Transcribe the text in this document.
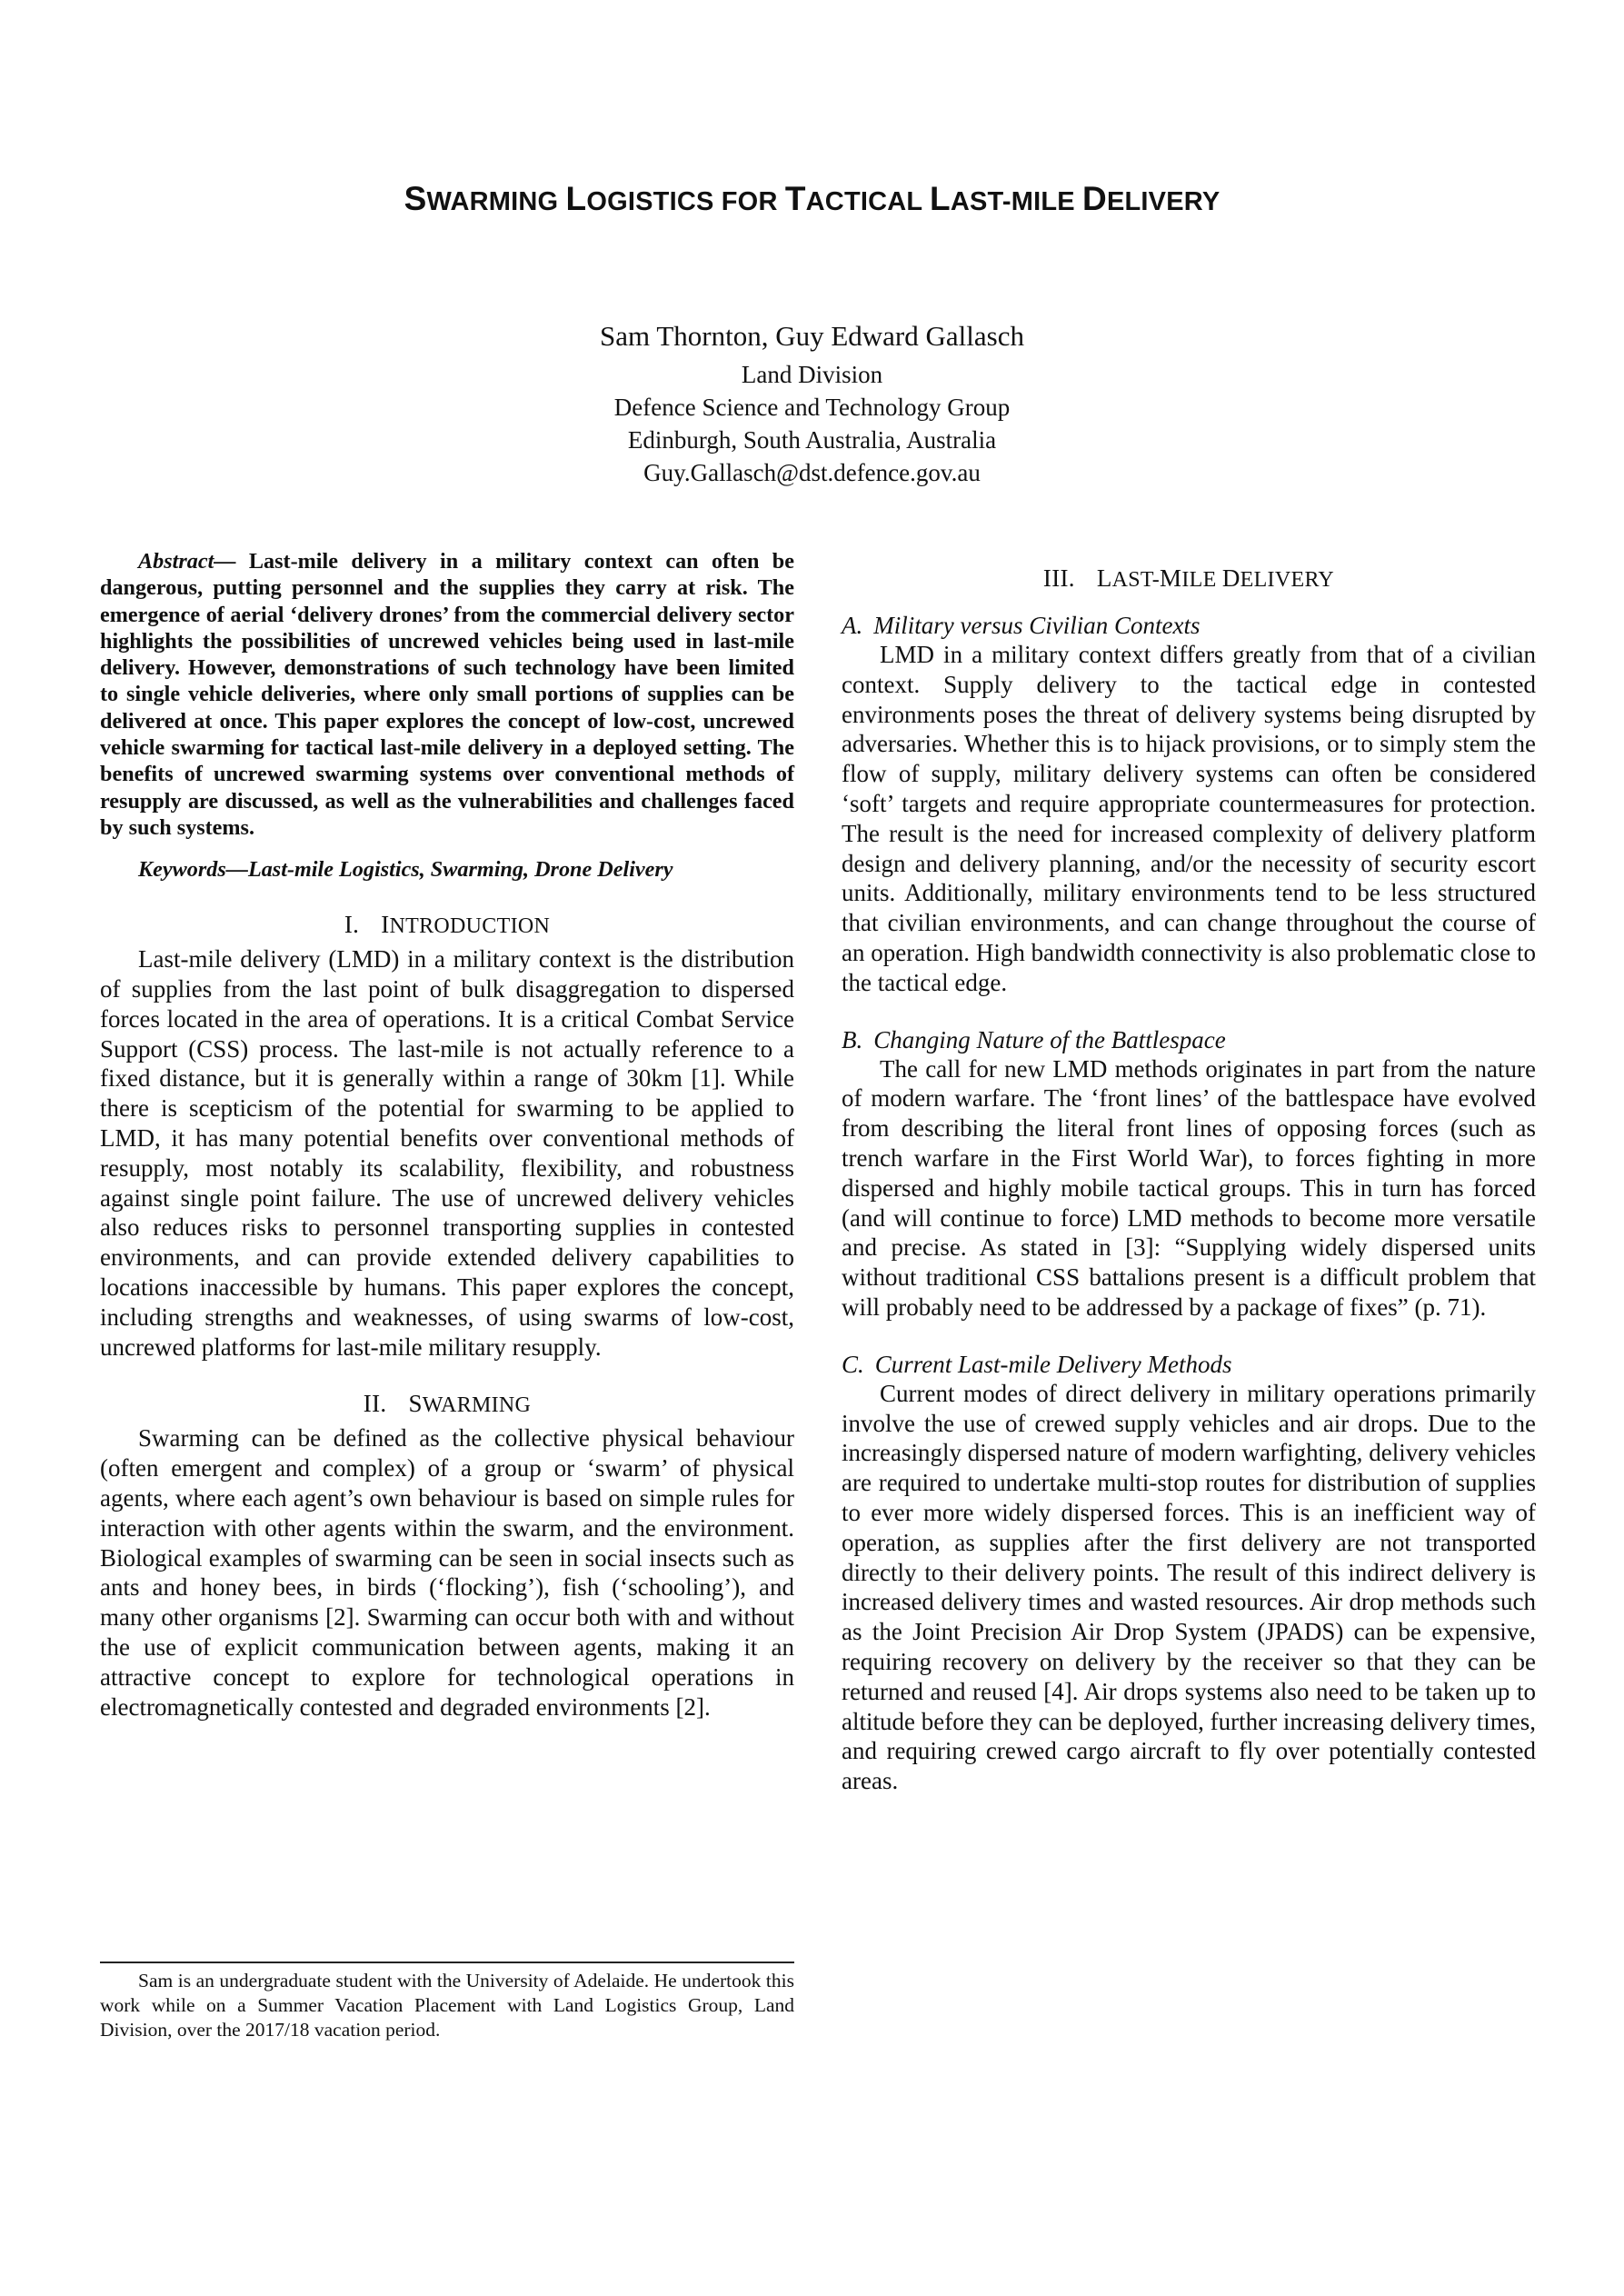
SWARMING LOGISTICS FOR TACTICAL LAST-MILE DELIVERY
Sam Thornton, Guy Edward Gallasch
Land Division
Defence Science and Technology Group
Edinburgh, South Australia, Australia
Guy.Gallasch@dst.defence.gov.au
Abstract— Last-mile delivery in a military context can often be dangerous, putting personnel and the supplies they carry at risk. The emergence of aerial ‘delivery drones’ from the commercial delivery sector highlights the possibilities of uncrewed vehicles being used in last-mile delivery. However, demonstrations of such technology have been limited to single vehicle deliveries, where only small portions of supplies can be delivered at once. This paper explores the concept of low-cost, uncrewed vehicle swarming for tactical last-mile delivery in a deployed setting. The benefits of uncrewed swarming systems over conventional methods of resupply are discussed, as well as the vulnerabilities and challenges faced by such systems.
Keywords—Last-mile Logistics, Swarming, Drone Delivery
I. INTRODUCTION

Last-mile delivery (LMD) in a military context is the distribution of supplies from the last point of bulk disaggregation to dispersed forces located in the area of operations. It is a critical Combat Service Support (CSS) process. The last-mile is not actually reference to a fixed distance, but it is generally within a range of 30km [1]. While there is scepticism of the potential for swarming to be applied to LMD, it has many potential benefits over conventional methods of resupply, most notably its scalability, flexibility, and robustness against single point failure. The use of uncrewed delivery vehicles also reduces risks to personnel transporting supplies in contested environments, and can provide extended delivery capabilities to locations inaccessible by humans. This paper explores the concept, including strengths and weaknesses, of using swarms of low-cost, uncrewed platforms for last-mile military resupply.

II. SWARMING

Swarming can be defined as the collective physical behaviour (often emergent and complex) of a group or ‘swarm’ of physical agents, where each agent’s own behaviour is based on simple rules for interaction with other agents within the swarm, and the environment. Biological examples of swarming can be seen in social insects such as ants and honey bees, in birds (‘flocking’), fish (‘schooling’), and many other organisms [2]. Swarming can occur both with and without the use of explicit communication between agents, making it an attractive concept to explore for technological operations in electromagnetically contested and degraded environments [2].

Sam is an undergraduate student with the University of Adelaide. He undertook this work while on a Summer Vacation Placement with Land Logistics Group, Land Division, over the 2017/18 vacation period.
III. LAST-MILE DELIVERY
A. Military versus Civilian Contexts

LMD in a military context differs greatly from that of a civilian context. Supply delivery to the tactical edge in contested environments poses the threat of delivery systems being disrupted by adversaries. Whether this is to hijack provisions, or to simply stem the flow of supply, military delivery systems can often be considered ‘soft’ targets and require appropriate countermeasures for protection. The result is the need for increased complexity of delivery platform design and delivery planning, and/or the necessity of security escort units. Additionally, military environments tend to be less structured that civilian environments, and can change throughout the course of an operation. High bandwidth connectivity is also problematic close to the tactical edge.

B. Changing Nature of the Battlespace

The call for new LMD methods originates in part from the nature of modern warfare. The ‘front lines’ of the battlespace have evolved from describing the literal front lines of opposing forces (such as trench warfare in the First World War), to forces fighting in more dispersed and highly mobile tactical groups. This in turn has forced (and will continue to force) LMD methods to become more versatile and precise. As stated in [3]: “Supplying widely dispersed units without traditional CSS battalions present is a difficult problem that will probably need to be addressed by a package of fixes” (p. 71).

C. Current Last-mile Delivery Methods

Current modes of direct delivery in military operations primarily involve the use of crewed supply vehicles and air drops. Due to the increasingly dispersed nature of modern warfighting, delivery vehicles are required to undertake multi-stop routes for distribution of supplies to ever more widely dispersed forces. This is an inefficient way of operation, as supplies after the first delivery are not transported directly to their delivery points. The result of this indirect delivery is increased delivery times and wasted resources. Air drop methods such as the Joint Precision Air Drop System (JPADS) can be expensive, requiring recovery on delivery by the receiver so that they can be returned and reused [4]. Air drops systems also need to be taken up to altitude before they can be deployed, further increasing delivery times, and requiring crewed cargo aircraft to fly over potentially contested areas.
